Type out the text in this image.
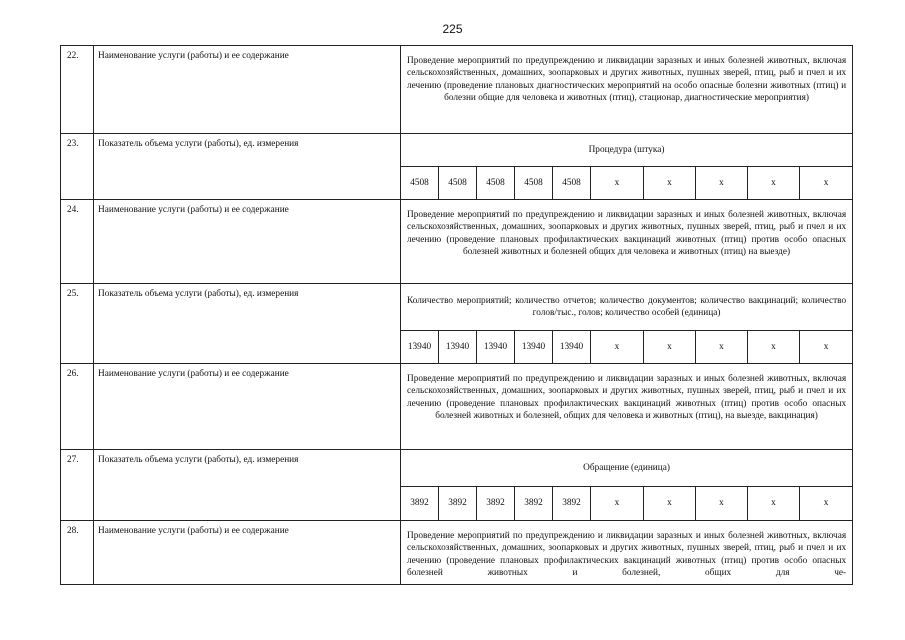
225
22.	Наименование услуги (работы) и ее содержание	Проведение мероприятий по предупреждению и ликвидации заразных и иных болезней животных, включая сельскохозяйственных, домашних, зоопарковых и других животных, пушных зверей, птиц, рыб и пчел и их лечению (проведение плановых диагностических мероприятий на особо опасные болезни животных (птиц) и болезни общие для человека и животных (птиц), стационар, диагностические мероприятия)									

23.	Показатель объема услуги (работы), ед. измерения	Процедура (штука)									
		4508	4508	4508	4508	4508	х	х	х	х	х
24.	Наименование услуги (работы) и ее содержание	Проведение мероприятий по предупреждению и ликвидации заразных и иных болезней животных, включая сельскохозяйственных, домашних, зоопарковых и других животных, пушных зверей, птиц, рыб и пчел и их лечению (проведение плановых профилактических вакцинаций животных (птиц) против особо опасных болезней животных и болезней общих для человека и животных (птиц) на выезде)									

25.	Показатель объема услуги (работы), ед. измерения	Количество мероприятий; количество отчетов; количество документов; количество вакцинаций; количество голов/тыс., голов; количество особей (единица)									

		13940	13940	13940	13940	13940	х	х	х	х	х
26.	Наименование услуги (работы) и ее содержание	Проведение мероприятий по предупреждению и ликвидации заразных и иных болезней животных, включая сельскохозяйственных, домашних, зоопарковых и других животных, пушных зверей, птиц, рыб и пчел и их лечению (проведение плановых профилактических вакцинаций животных (птиц) против особо опасных болезней животных и болезней, общих для человека и животных (птиц), на выезде, вакцинация)									

27.	Показатель объема услуги (работы), ед. измерения	Обращение (единица)									
		3892	3892	3892	3892	3892	х	х	х	х	х
28.	Наименование услуги (работы) и ее содержание	Проведение мероприятий по предупреждению и ликвидации заразных и иных болезней животных, включая сельскохозяйственных, домашних, зоопарковых и других животных, пушных зверей, птиц, рыб и пчел и их лечению (проведение плановых профилактических вакцинаций животных (птиц) против особо опасных болезней животных и болезней, общих для че-									
